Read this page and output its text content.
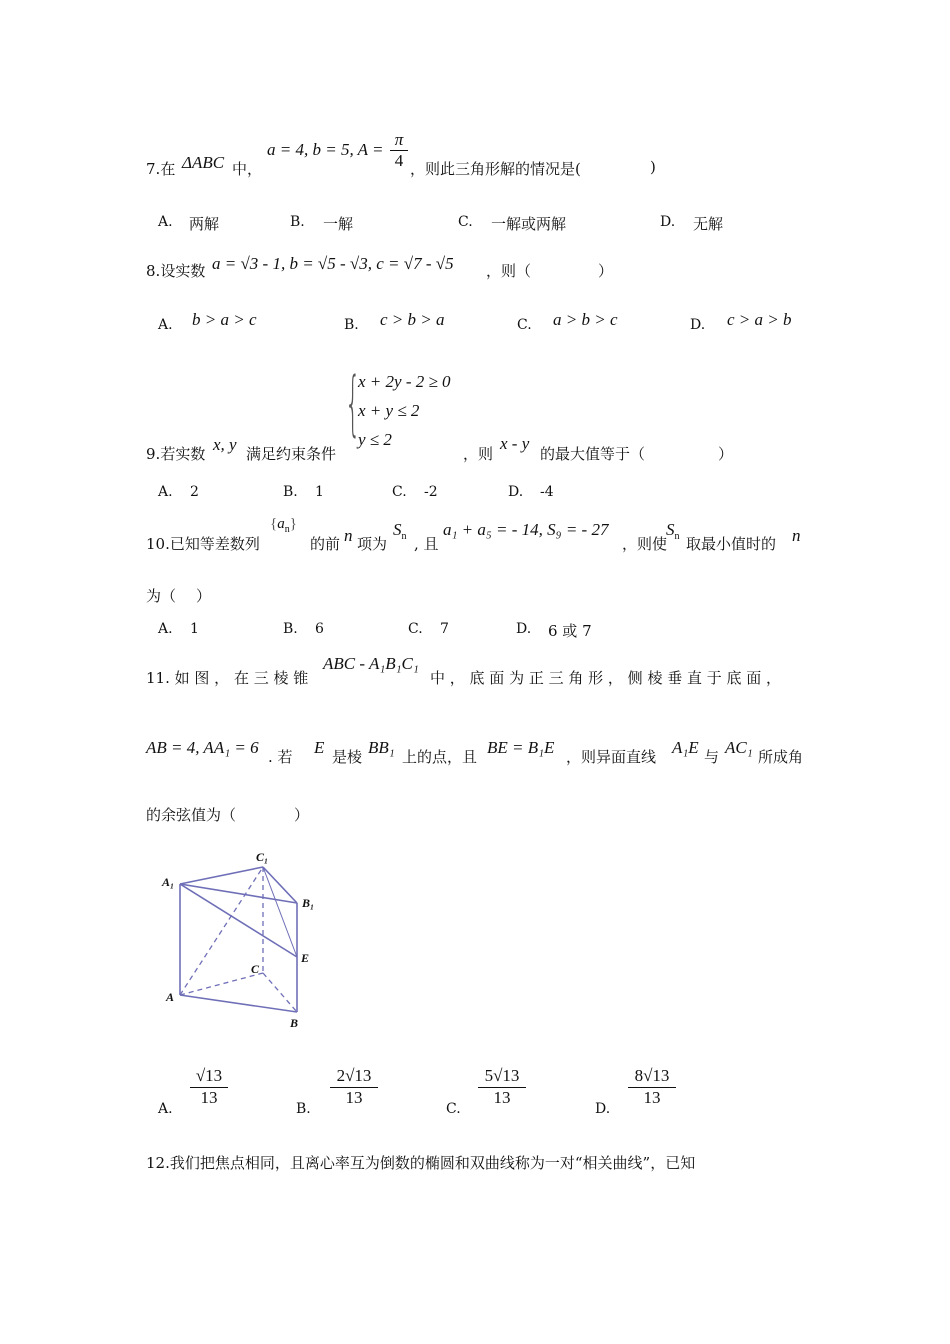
7.在 ΔABC 中，
a = 4, b = 5, A =
π
4 ，则此三角形解的情况是(	)
A. 两解	B. 一解	C. 一解或两解	D. 无解
8.设实数 a = √3 - 1, b = √5 - √3, c = √7 - √5 ，则（	）
A. b > a > c	B. c > b > a	C. a > b > c	D. c > a > b
{
x + 2y - 2 ≥ 0
x + y ≤ 2
y ≤ 2
9.若实数 x, y 满足约束条件	，则
x - y
的最大值等于（	）
A. 2	B. 1	C. -2	D. -4
10.已知等差数列
$\{a_n\}$
的前 n 项为
$S_n$ , 且
a₁ + a₅ = - 14, S₉ = - 27
，则使
$S_n$ 取最小值时的 n
为（ ）
A. 1	B. 6	C. 7	D. 6 或 7
11. 如 图 ， 在 三 棱 锥
ABC - A₁B₁C₁
中 ， 底 面 为 正 三 角 形 ， 侧 棱 垂 直 于 底 面 ，
AB = 4, AA₁ = 6 . 若 E 是棱 BB₁ 上的点，且 BE = B₁E ，则异面直线 A₁E 与 AC₁ 所成角
的余弦值为（	）
C₁
A₁
B₁
E
C
A
B
A.
$\frac{√13}{13}$
B.
$\frac{2√13}{13}$
C.
$\frac{5√13}{13}$
D.
$\frac{8√13}{13}$
12.我们把焦点相同，且离心率互为倒数的椭圆和双曲线称为一对“相关曲线”，已知
